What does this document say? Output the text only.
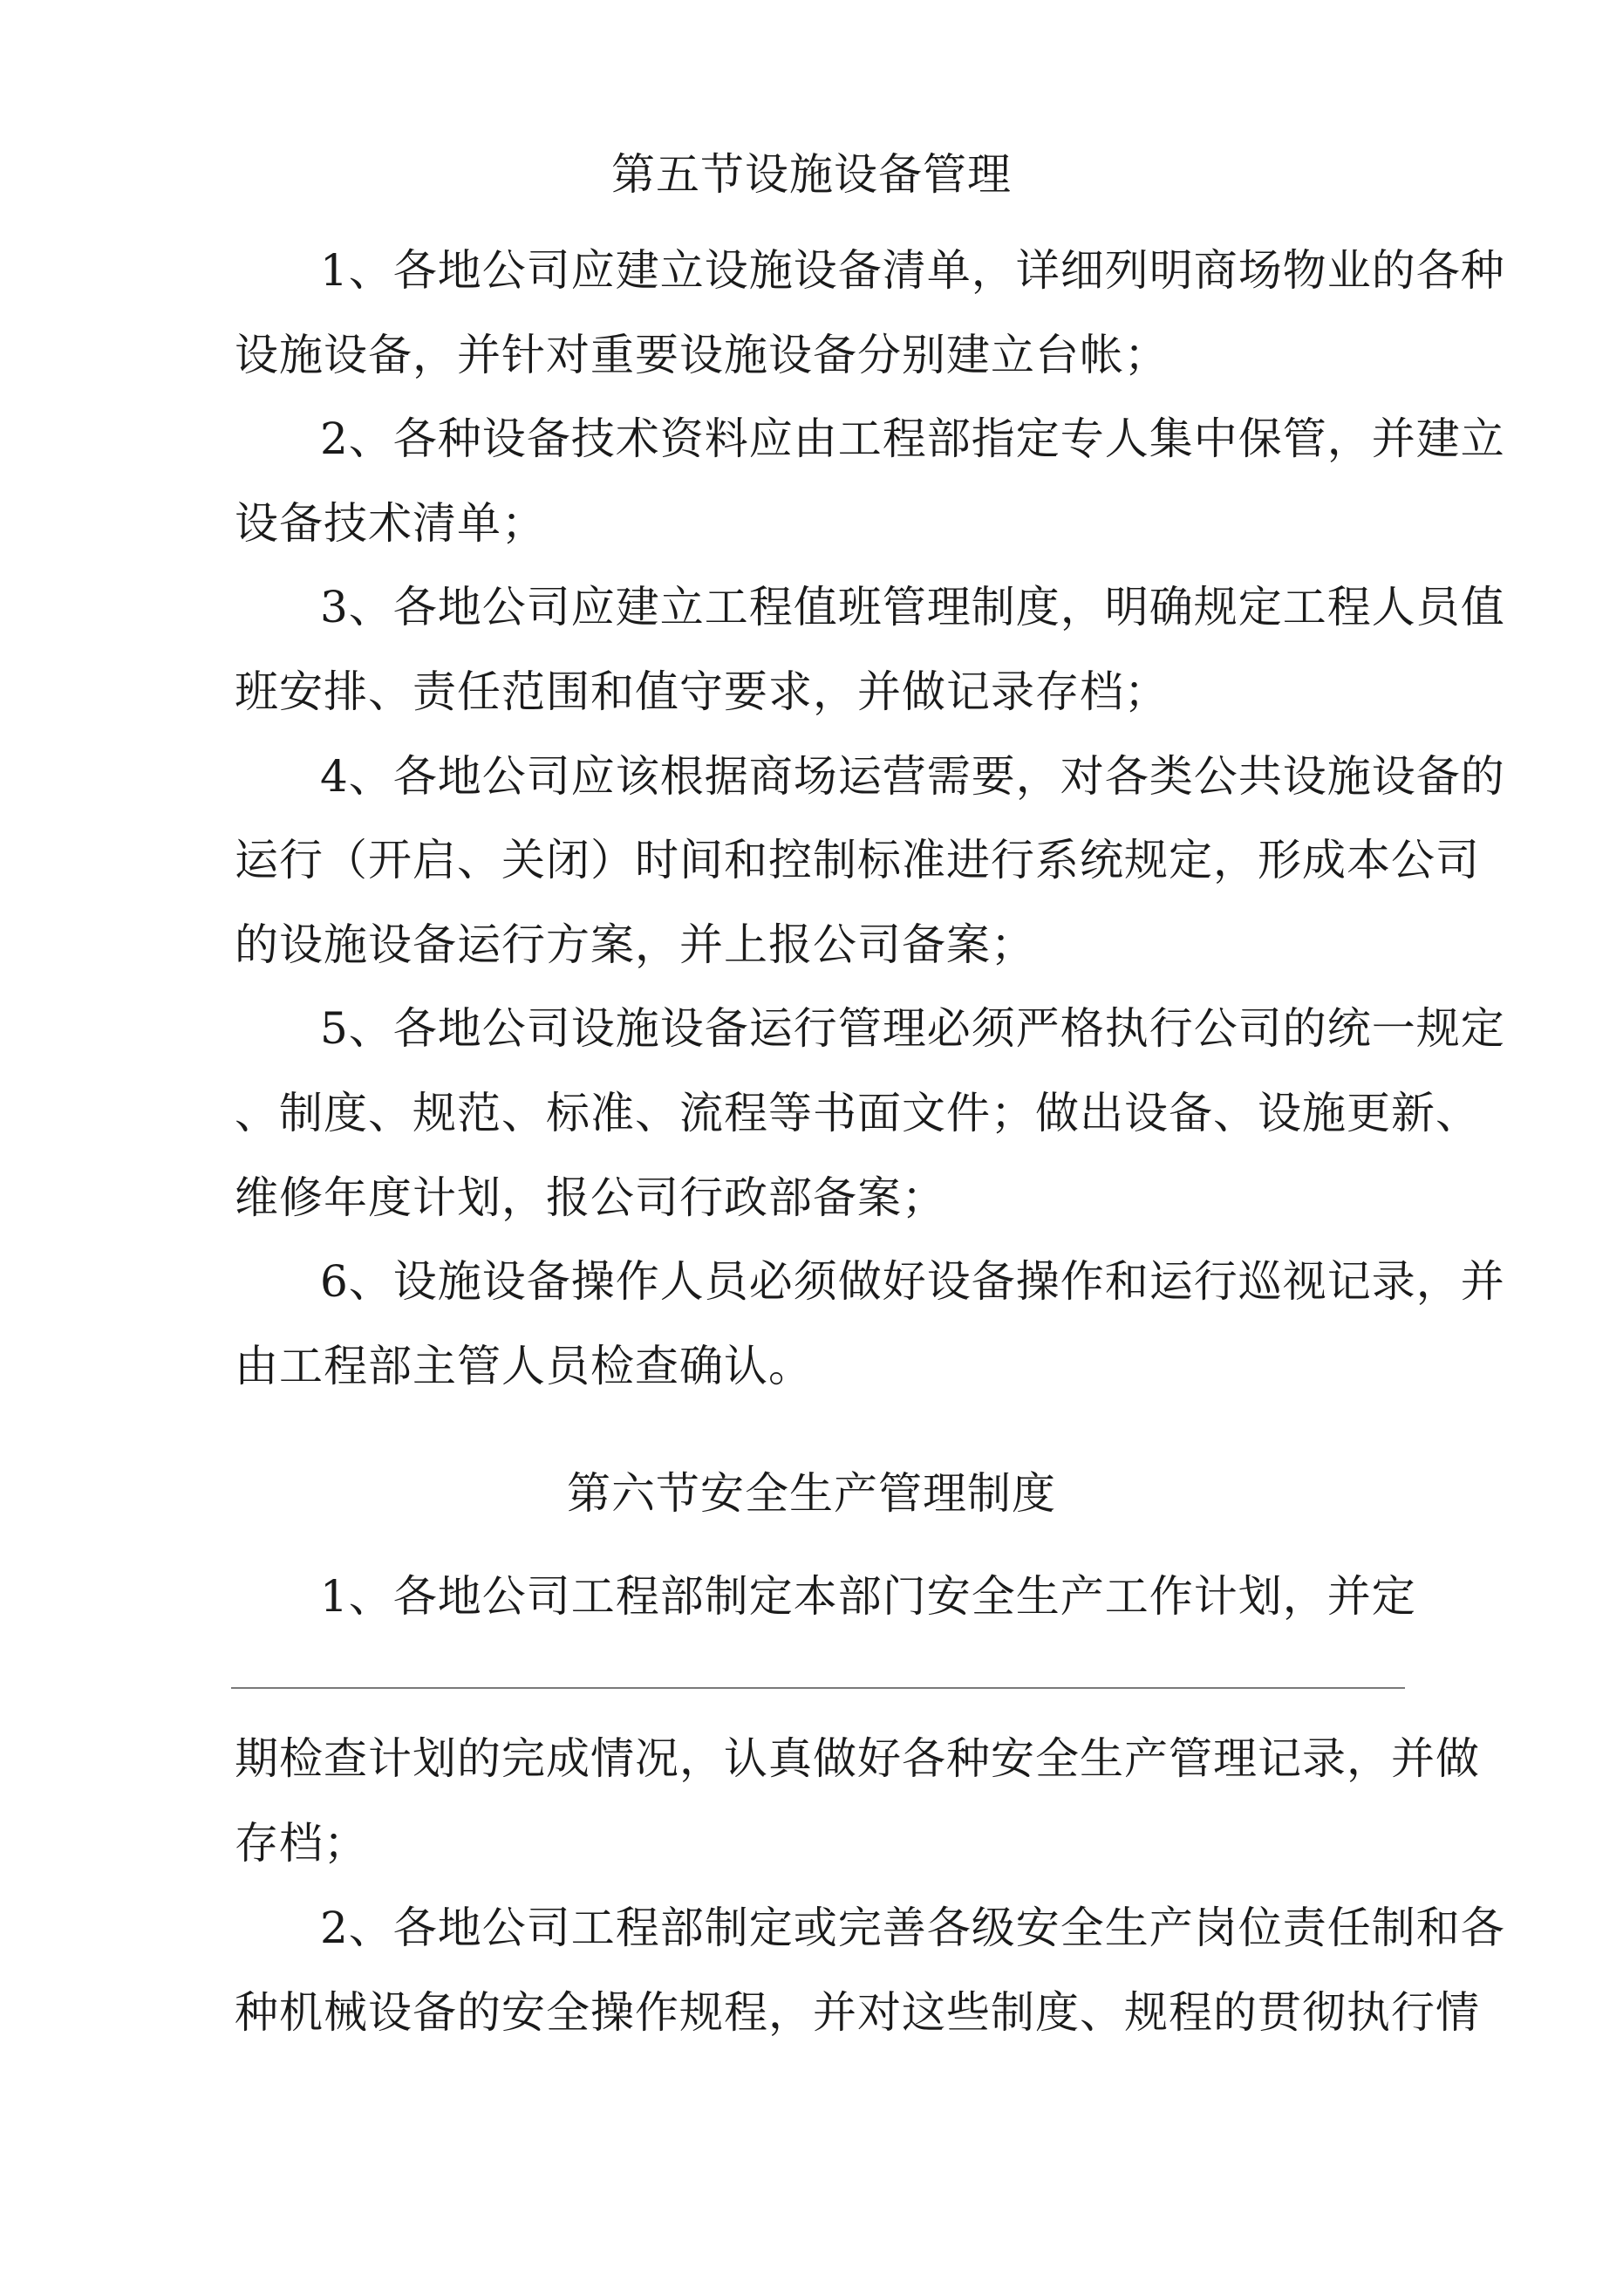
第五节设施设备管理
1、各地公司应建立设施设备清单，详细列明商场物业的各种
设施设备，并针对重要设施设备分别建立台帐；
2、各种设备技术资料应由工程部指定专人集中保管，并建立
设备技术清单；
3、各地公司应建立工程值班管理制度，明确规定工程人员值
班安排、责任范围和值守要求，并做记录存档；
4、各地公司应该根据商场运营需要，对各类公共设施设备的
运行（开启、关闭）时间和控制标准进行系统规定，形成本公司
的设施设备运行方案，并上报公司备案；
5、各地公司设施设备运行管理必须严格执行公司的统一规定
、制度、规范、标准、流程等书面文件；做出设备、设施更新、
维修年度计划，报公司行政部备案；
6、设施设备操作人员必须做好设备操作和运行巡视记录，并
由工程部主管人员检查确认。
第六节安全生产管理制度
1、各地公司工程部制定本部门安全生产工作计划，并定
期检查计划的完成情况，认真做好各种安全生产管理记录，并做
存档；
2、各地公司工程部制定或完善各级安全生产岗位责任制和各
种机械设备的安全操作规程，并对这些制度、规程的贯彻执行情
